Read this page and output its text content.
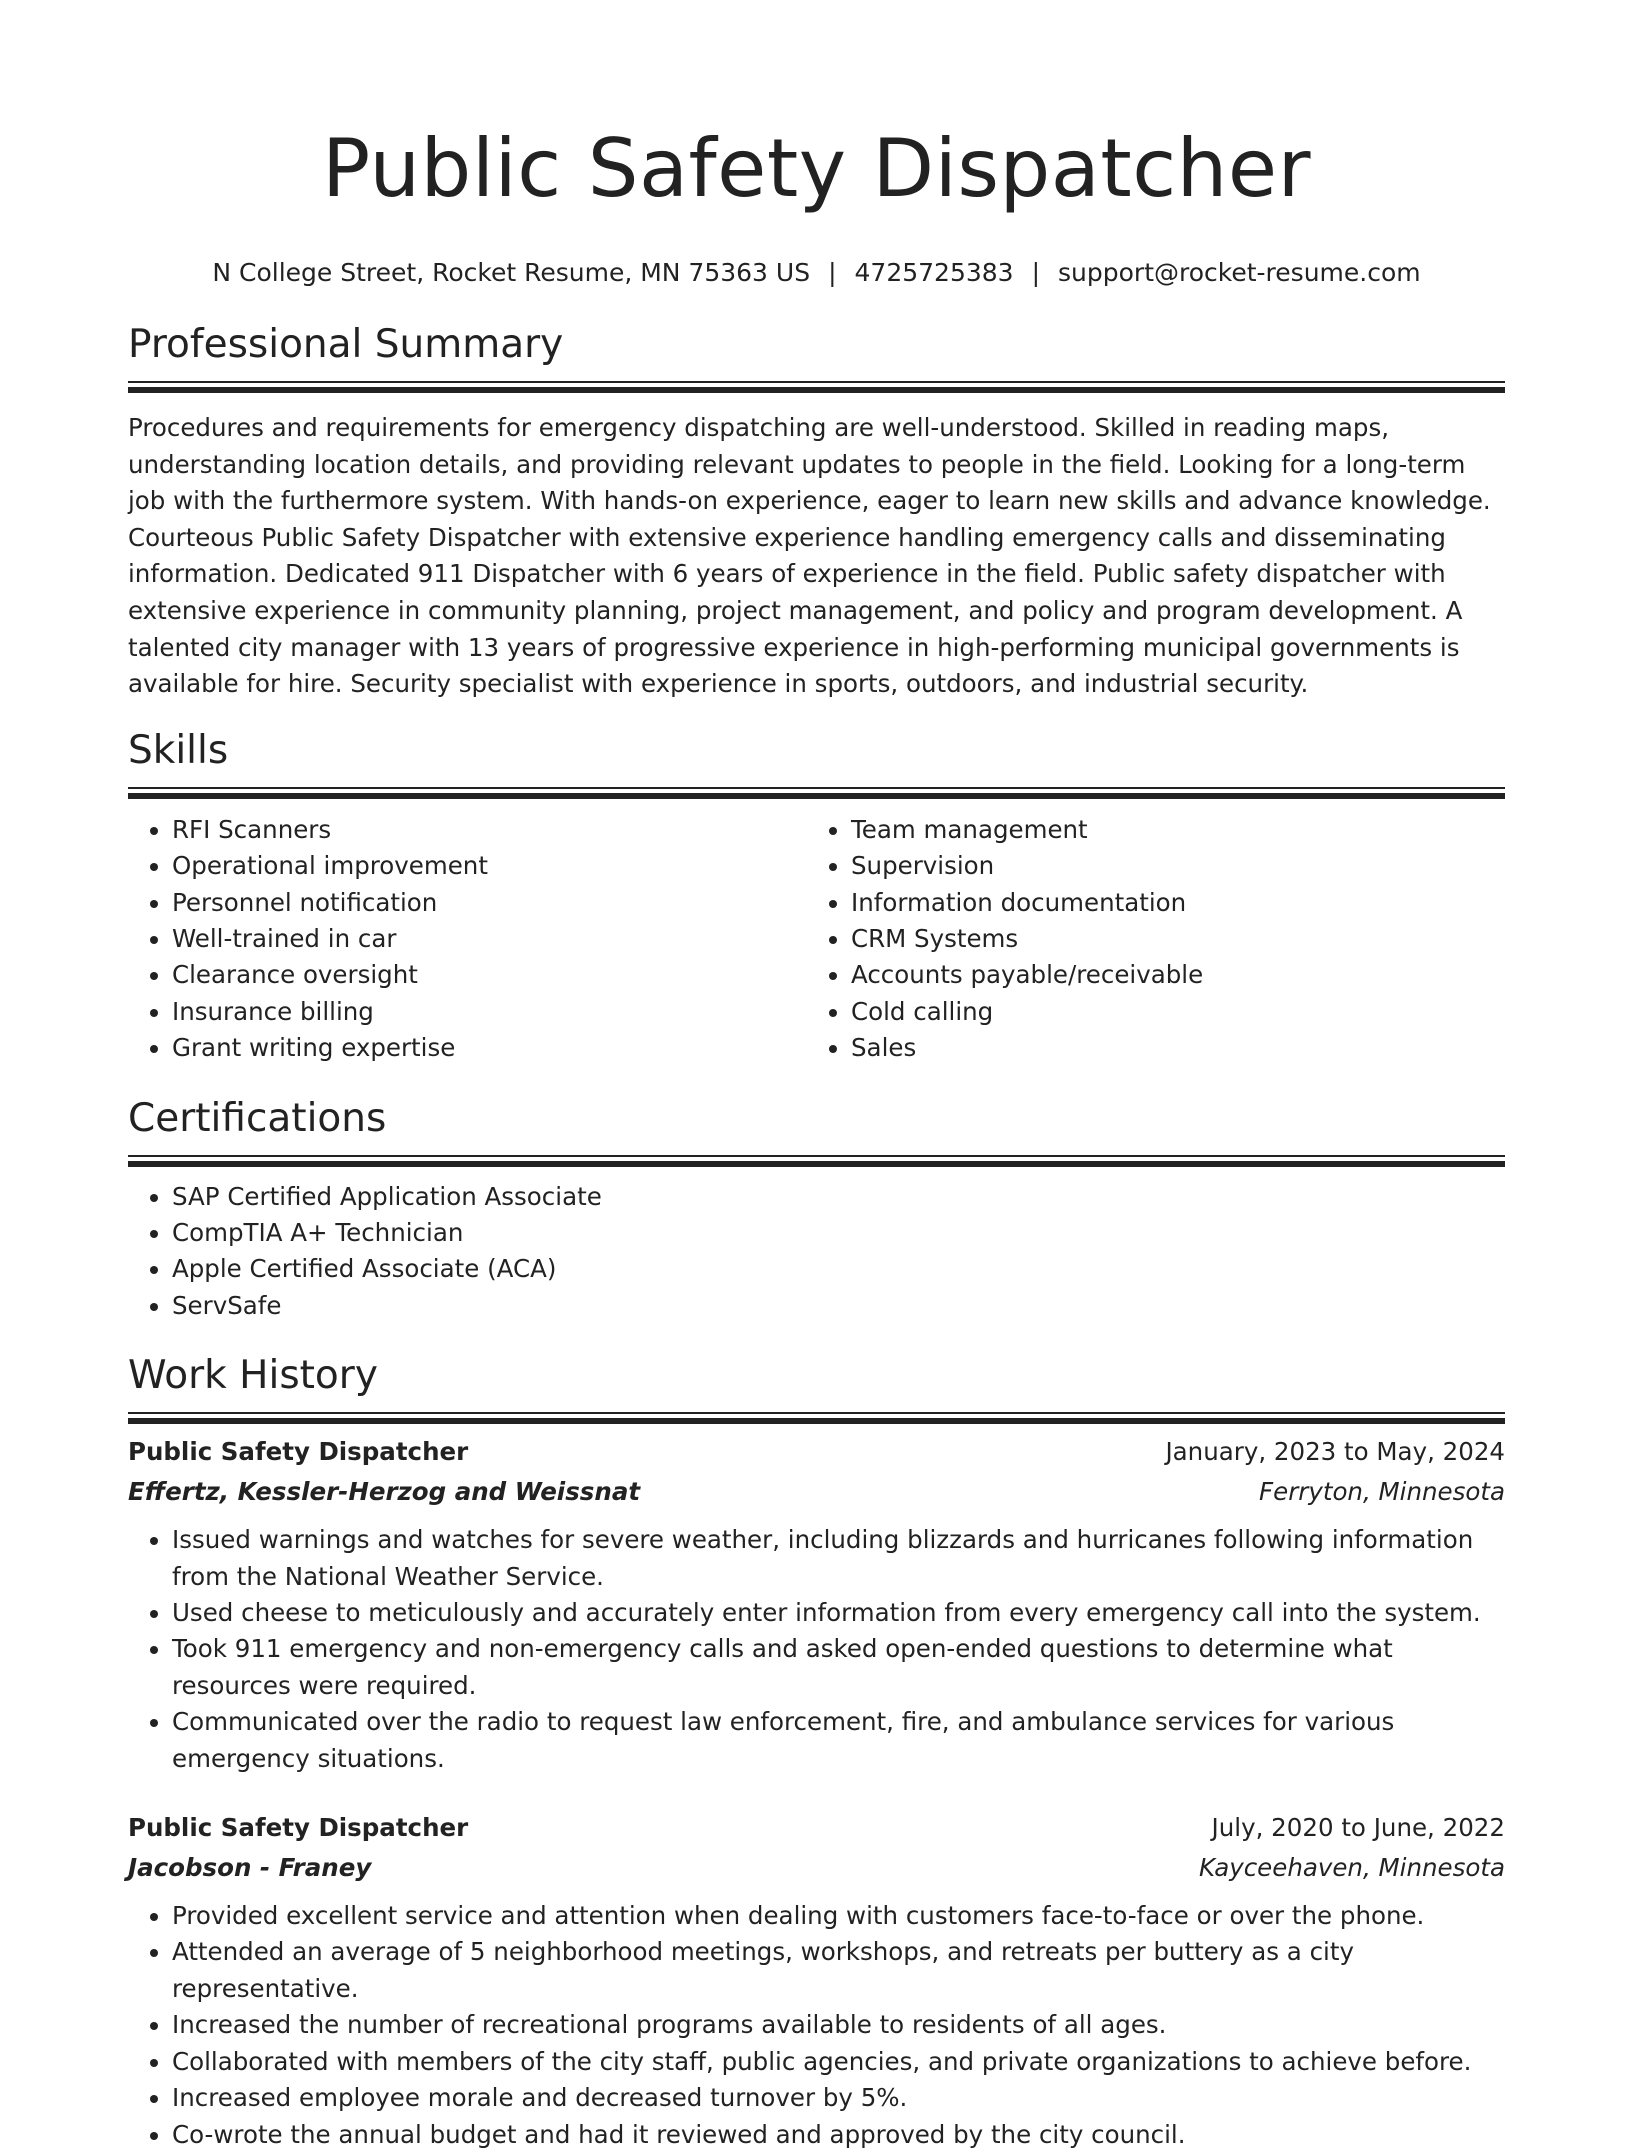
Public Safety Dispatcher
N College Street, Rocket Resume, MN 75363 US | 4725725383 | support@rocket-resume.com
Professional Summary
Procedures and requirements for emergency dispatching are well-understood. Skilled in reading maps, understanding location details, and providing relevant updates to people in the field. Looking for a long-term job with the furthermore system. With hands-on experience, eager to learn new skills and advance knowledge. Courteous Public Safety Dispatcher with extensive experience handling emergency calls and disseminating information. Dedicated 911 Dispatcher with 6 years of experience in the field. Public safety dispatcher with extensive experience in community planning, project management, and policy and program development. A talented city manager with 13 years of progressive experience in high-performing municipal governments is available for hire. Security specialist with experience in sports, outdoors, and industrial security.
Skills
• RFI Scanners
• Operational improvement
• Personnel notification
• Well-trained in car
• Clearance oversight
• Insurance billing
• Grant writing expertise
• Team management
• Supervision
• Information documentation
• CRM Systems
• Accounts payable/receivable
• Cold calling
• Sales
Certifications
• SAP Certified Application Associate
• CompTIA A+ Technician
• Apple Certified Associate (ACA)
• ServSafe
Work History
Public Safety Dispatcher	January, 2023 to May, 2024
Effertz, Kessler-Herzog and Weissnat	Ferryton, Minnesota
• Issued warnings and watches for severe weather, including blizzards and hurricanes following information from the National Weather Service.
• Used cheese to meticulously and accurately enter information from every emergency call into the system.
• Took 911 emergency and non-emergency calls and asked open-ended questions to determine what resources were required.
• Communicated over the radio to request law enforcement, fire, and ambulance services for various emergency situations.
Public Safety Dispatcher	July, 2020 to June, 2022
Jacobson - Franey	Kayceehaven, Minnesota
• Provided excellent service and attention when dealing with customers face-to-face or over the phone.
• Attended an average of 5 neighborhood meetings, workshops, and retreats per buttery as a city representative.
• Increased the number of recreational programs available to residents of all ages.
• Collaborated with members of the city staff, public agencies, and private organizations to achieve before.
• Increased employee morale and decreased turnover by 5%.
• Co-wrote the annual budget and had it reviewed and approved by the city council.
